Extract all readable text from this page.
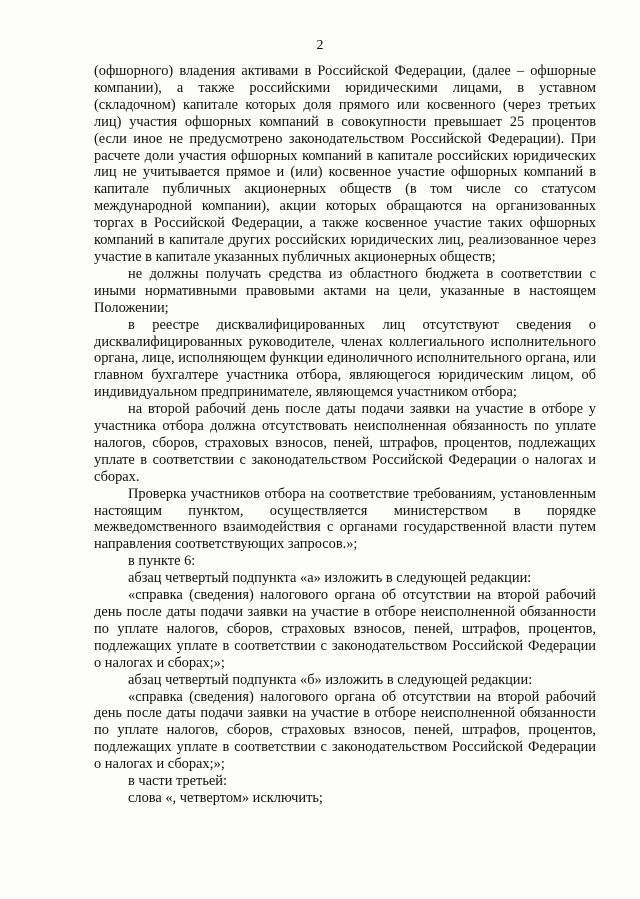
2

(офшорного) владения активами в Российской Федерации, (далее – офшорные компании), а также российскими юридическими лицами, в уставном (складочном) капитале которых доля прямого или косвенного (через третьих лиц) участия офшорных компаний в совокупности превышает 25 процентов (если иное не предусмотрено законодательством Российской Федерации). При расчете доли участия офшорных компаний в капитале российских юридических лиц не учитывается прямое и (или) косвенное участие офшорных компаний в капитале публичных акционерных обществ (в том числе со статусом международной компании), акции которых обращаются на организованных торгах в Российской Федерации, а также косвенное участие таких офшорных компаний в капитале других российских юридических лиц, реализованное через участие в капитале указанных публичных акционерных обществ;

не должны получать средства из областного бюджета в соответствии с иными нормативными правовыми актами на цели, указанные в настоящем Положении;

в реестре дисквалифицированных лиц отсутствуют сведения о дисквалифицированных руководителе, членах коллегиального исполнительного органа, лице, исполняющем функции единоличного исполнительного органа, или главном бухгалтере участника отбора, являющегося юридическим лицом, об индивидуальном предпринимателе, являющемся участником отбора;

на второй рабочий день после даты подачи заявки на участие в отборе у участника отбора должна отсутствовать неисполненная обязанность по уплате налогов, сборов, страховых взносов, пеней, штрафов, процентов, подлежащих уплате в соответствии с законодательством Российской Федерации о налогах и сборах.

Проверка участников отбора на соответствие требованиям, установленным настоящим пунктом, осуществляется министерством в порядке межведомственного взаимодействия с органами государственной власти путем направления соответствующих запросов.»;

в пункте 6:

абзац четвертый подпункта «а» изложить в следующей редакции:

«справка (сведения) налогового органа об отсутствии на второй рабочий день после даты подачи заявки на участие в отборе неисполненной обязанности по уплате налогов, сборов, страховых взносов, пеней, штрафов, процентов, подлежащих уплате в соответствии с законодательством Российской Федерации о налогах и сборах;»;

абзац четвертый подпункта «б» изложить в следующей редакции:

«справка (сведения) налогового органа об отсутствии на второй рабочий день после даты подачи заявки на участие в отборе неисполненной обязанности по уплате налогов, сборов, страховых взносов, пеней, штрафов, процентов, подлежащих уплате в соответствии с законодательством Российской Федерации о налогах и сборах;»;

в части третьей:

слова «, четвертом» исключить;
